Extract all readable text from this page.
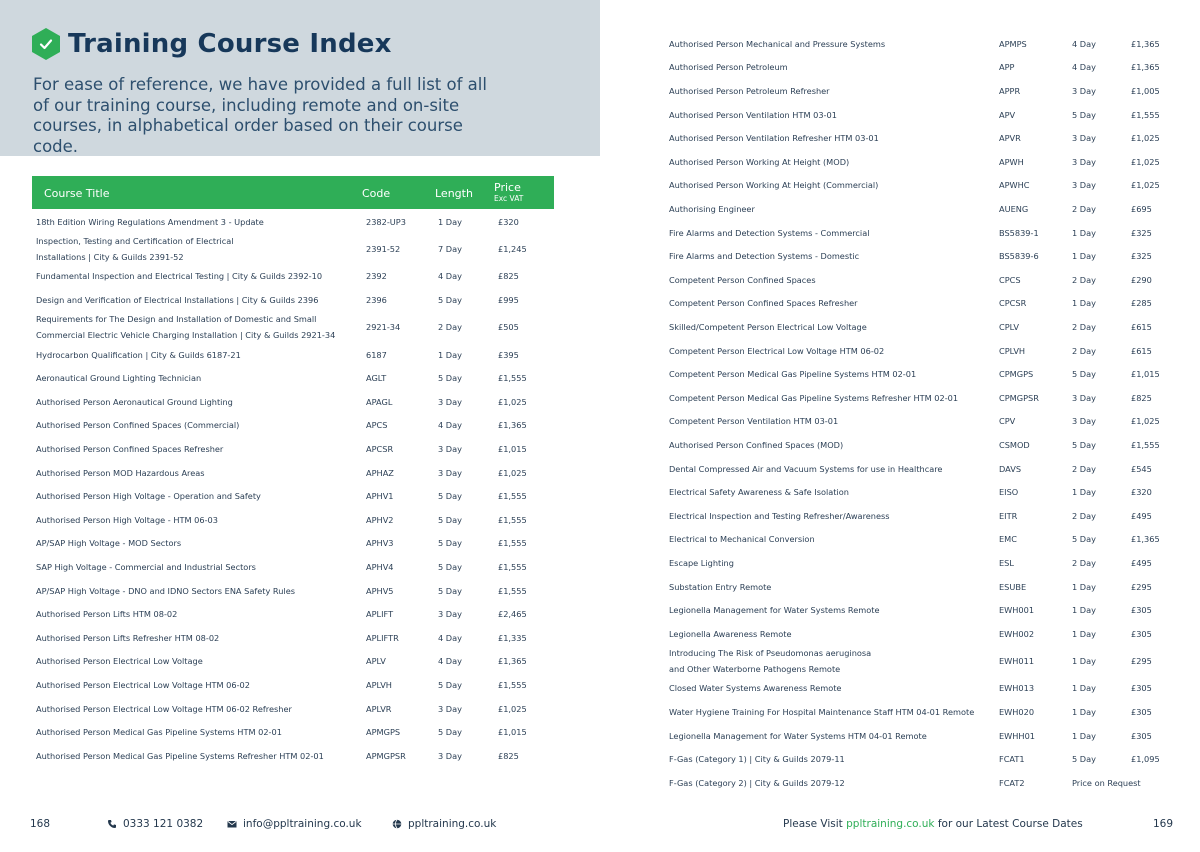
Training Course Index
For ease of reference, we have provided a full list of all of our training course, including remote and on-site courses, in alphabetical order based on their course code.
Course Title	Code	Length Price
Exc VAT
18th Edition Wiring Regulations Amendment 3 - Update	2382-UP3	1 Day	£320
Inspection, Testing and Certification of Electrical
Installations | City & Guilds 2391-52
2391-52	7 Day	£1,245
Fundamental Inspection and Electrical Testing | City & Guilds 2392-10	2392	4 Day	£825
Design and Verification of Electrical Installations | City & Guilds 2396	2396	5 Day	£995
Requirements for The Design and Installation of Domestic and Small
Commercial Electric Vehicle Charging Installation | City & Guilds 2921-34
2921-34	2 Day	£505
Hydrocarbon Qualification | City & Guilds 6187-21	6187	1 Day	£395
Aeronautical Ground Lighting Technician	AGLT	5 Day	£1,555
Authorised Person Aeronautical Ground Lighting	APAGL	3 Day	£1,025
Authorised Person Confined Spaces (Commercial)	APCS	4 Day	£1,365
Authorised Person Confined Spaces Refresher	APCSR	3 Day	£1,015
Authorised Person MOD Hazardous Areas	APHAZ	3 Day	£1,025
Authorised Person High Voltage - Operation and Safety	APHV1	5 Day	£1,555
Authorised Person High Voltage - HTM 06-03	APHV2	5 Day	£1,555
AP/SAP High Voltage - MOD Sectors	APHV3	5 Day	£1,555
SAP High Voltage - Commercial and Industrial Sectors	APHV4	5 Day	£1,555
AP/SAP High Voltage - DNO and IDNO Sectors ENA Safety Rules	APHV5	5 Day	£1,555
Authorised Person Lifts HTM 08-02	APLIFT	3 Day	£2,465
Authorised Person Lifts Refresher HTM 08-02	APLIFTR	4 Day	£1,335
Authorised Person Electrical Low Voltage	APLV	4 Day	£1,365
Authorised Person Electrical Low Voltage HTM 06-02	APLVH	5 Day	£1,555
Authorised Person Electrical Low Voltage HTM 06-02 Refresher	APLVR	3 Day	£1,025
Authorised Person Medical Gas Pipeline Systems HTM 02-01	APMGPS	5 Day	£1,015
Authorised Person Medical Gas Pipeline Systems Refresher HTM 02-01	APMGPSR	3 Day	£825
Authorised Person Mechanical and Pressure Systems	APMPS	4 Day	£1,365
Authorised Person Petroleum	APP	4 Day	£1,365
Authorised Person Petroleum Refresher	APPR	3 Day	£1,005
Authorised Person Ventilation HTM 03-01	APV	5 Day	£1,555
Authorised Person Ventilation Refresher HTM 03-01	APVR	3 Day	£1,025
Authorised Person Working At Height (MOD)	APWH	3 Day	£1,025
Authorised Person Working At Height (Commercial)	APWHC	3 Day	£1,025
Authorising Engineer	AUENG	2 Day	£695
Fire Alarms and Detection Systems - Commercial	BS5839-1	1 Day	£325
Fire Alarms and Detection Systems - Domestic	BS5839-6	1 Day	£325
Competent Person Confined Spaces	CPCS	2 Day	£290
Competent Person Confined Spaces Refresher	CPCSR	1 Day	£285
Skilled/Competent Person Electrical Low Voltage	CPLV	2 Day	£615
Competent Person Electrical Low Voltage HTM 06-02	CPLVH	2 Day	£615
Competent Person Medical Gas Pipeline Systems HTM 02-01	CPMGPS	5 Day	£1,015
Competent Person Medical Gas Pipeline Systems Refresher HTM 02-01	CPMGPSR	3 Day	£825
Competent Person Ventilation HTM 03-01	CPV	3 Day	£1,025
Authorised Person Confined Spaces (MOD)	CSMOD	5 Day	£1,555
Dental Compressed Air and Vacuum Systems for use in Healthcare	DAVS	2 Day	£545
Electrical Safety Awareness & Safe Isolation	EISO	1 Day	£320
Electrical Inspection and Testing Refresher/Awareness	EITR	2 Day	£495
Electrical to Mechanical Conversion	EMC	5 Day	£1,365
Escape Lighting	ESL	2 Day	£495
Substation Entry Remote	ESUBE	1 Day	£295
Legionella Management for Water Systems Remote	EWH001	1 Day	£305
Legionella Awareness Remote	EWH002	1 Day	£305
Introducing The Risk of Pseudomonas aeruginosa
and Other Waterborne Pathogens Remote
EWH011	1 Day	£295
Closed Water Systems Awareness Remote	EWH013	1 Day	£305
Water Hygiene Training For Hospital Maintenance Staff HTM 04-01 Remote	EWH020	1 Day	£305
Legionella Management for Water Systems HTM 04-01 Remote	EWHH01	1 Day	£305
F-Gas (Category 1) | City & Guilds 2079-11	FCAT1	5 Day	£1,095
F-Gas (Category 2) | City & Guilds 2079-12	FCAT2	Price on Request
168	0333 121 0382	info@ppltraining.co.uk	ppltraining.co.uk	Please Visit
ppltraining.co.uk
for our Latest Course Dates	169
